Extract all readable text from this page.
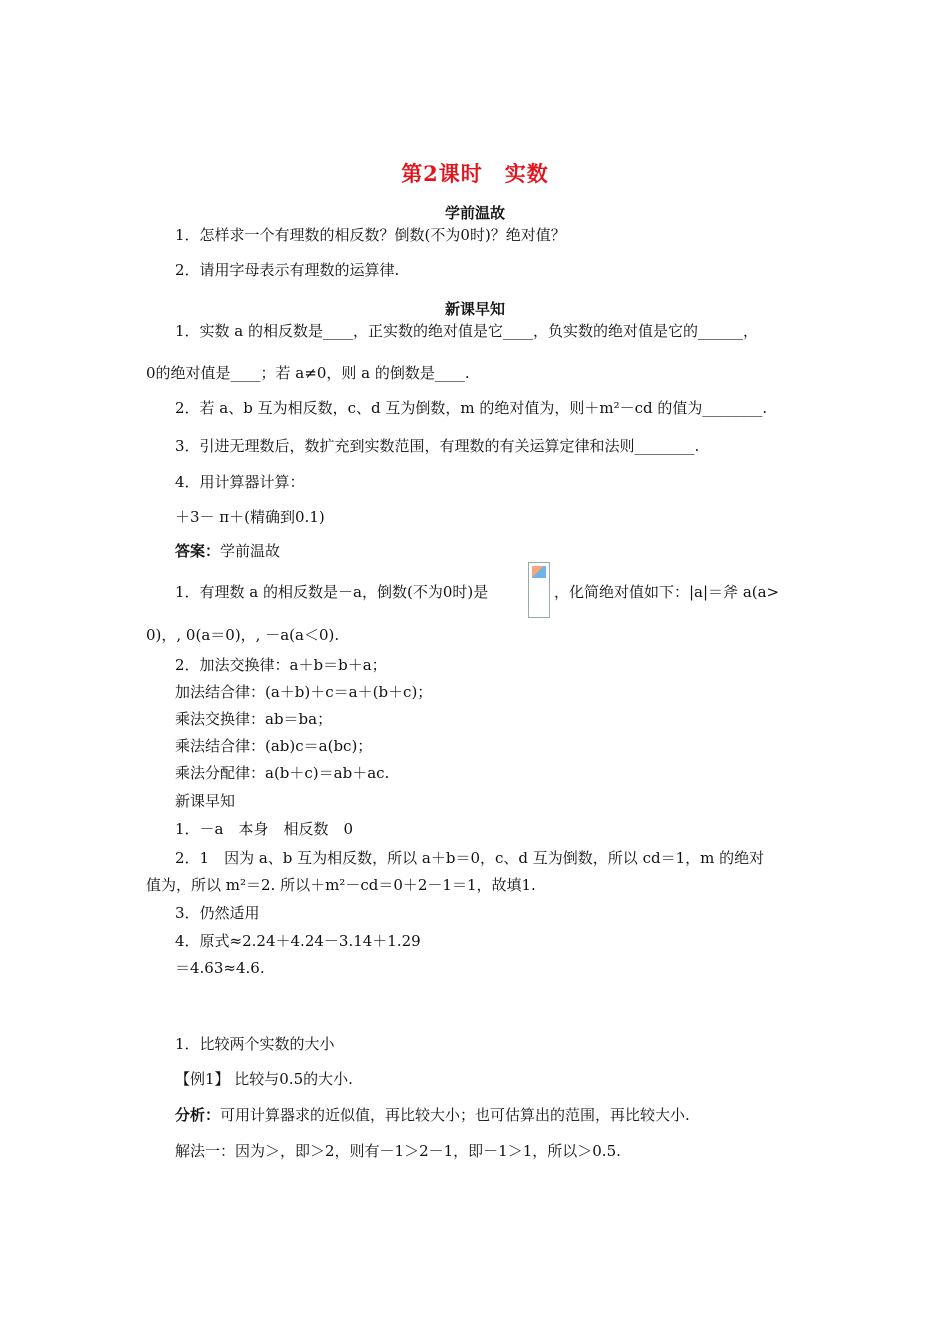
第2课时　实数
学前温故
1．怎样求一个有理数的相反数？倒数(不为0时)？绝对值？
2．请用字母表示有理数的运算律.
新课早知
1．实数 a 的相反数是____，正实数的绝对值是它____，负实数的绝对值是它的______，
0的绝对值是____；若 a≠0，则 a 的倒数是____.
2．若 a、b 互为相反数，c、d 互为倒数，m 的绝对值为，则＋m²－cd 的值为________.
3．引进无理数后，数扩充到实数范围，有理数的有关运算定律和法则________.
4．用计算器计算：
＋3－ π＋(精确到0.1)
答案：学前温故
1．有理数 a 的相反数是－a，倒数(不为0时)是	，化简绝对值如下：|a|＝斧 a(a>
0)，, 0(a＝0)，, －a(a＜0).
2．加法交换律：a＋b＝b＋a；
加法结合律：(a＋b)＋c＝a＋(b＋c)；
乘法交换律：ab＝ba；
乘法结合律：(ab)c＝a(bc)；
乘法分配律：a(b＋c)＝ab＋ac.
新课早知
1．－a　本身　相反数　0
2．1　因为 a、b 互为相反数，所以 a＋b＝0，c、d 互为倒数，所以 cd＝1，m 的绝对
值为，所以 m²＝2. 所以＋m²－cd＝0＋2－1＝1，故填1.
3．仍然适用
4．原式≈2.24＋4.24－3.14＋1.29
＝4.63≈4.6.
1．比较两个实数的大小
【例1】 比较与0.5的大小.
分析：可用计算器求的近似值，再比较大小；也可估算出的范围，再比较大小.
解法一：因为＞，即＞2，则有－1＞2－1，即－1＞1，所以＞0.5.
